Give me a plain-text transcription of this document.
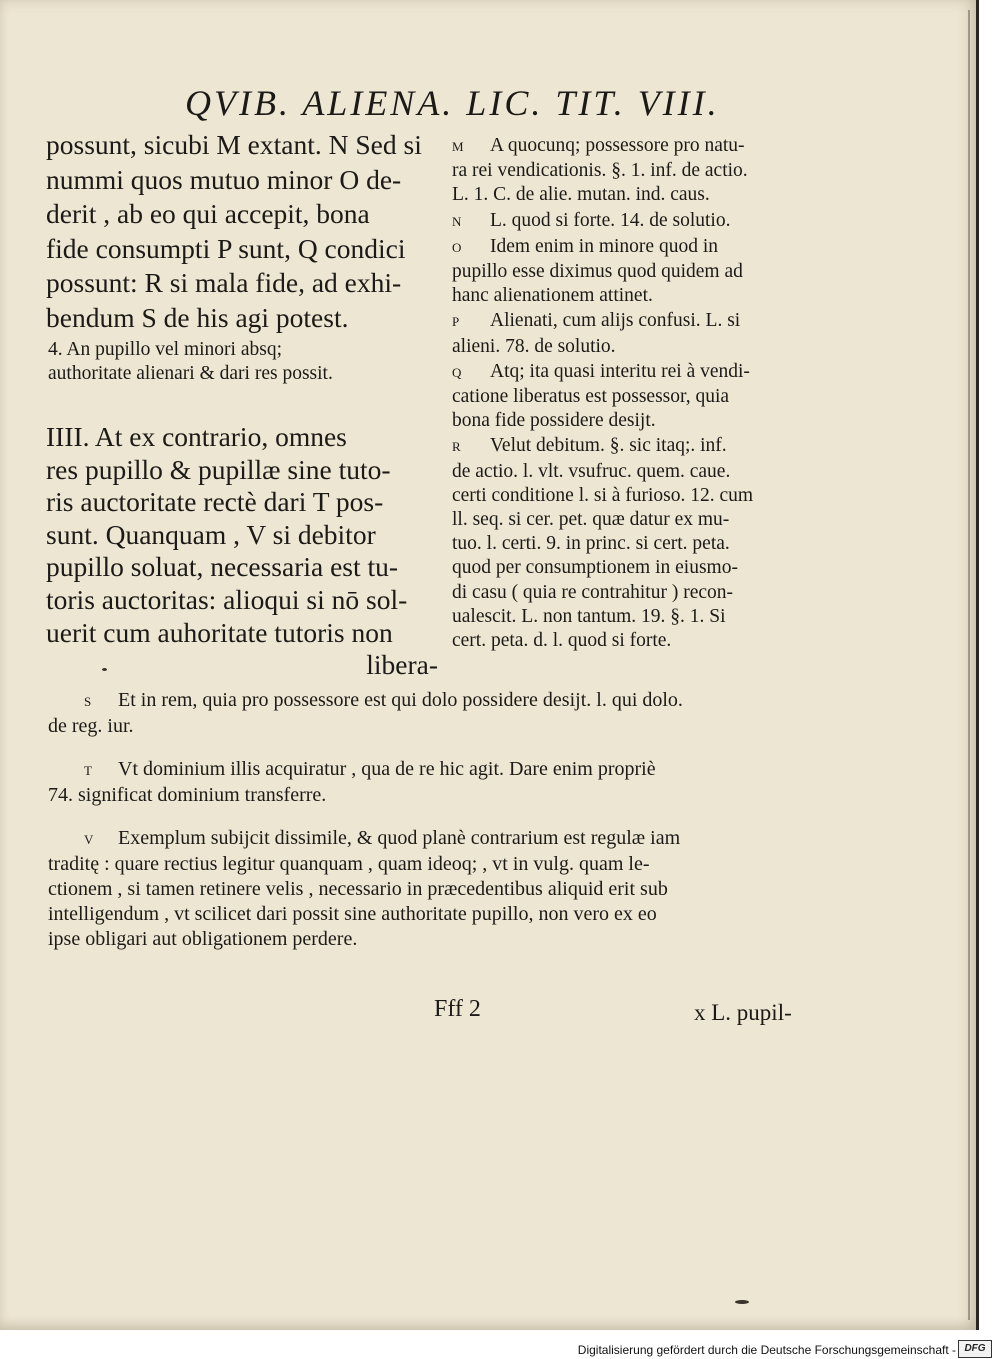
QVIB. ALIENA. LIC. TIT. VIII.
possunt, sicubi M extant. N Sed si
nummi quos mutuo minor O de-
derit , ab eo qui accepit, bona
fide consumpti P sunt, Q condici
possunt: R si mala fide, ad exhi-
bendum S de his agi potest.
4. An pupillo vel minori absq;
authoritate alienari & dari res possit.
IIII. At ex contrario, omnes
res pupillo & pupillæ sine tuto-
ris auctoritate rectè dari T pos-
sunt. Quanquam , V si debitor
pupillo soluat, necessaria est tu-
toris auctoritas: alioqui si nō sol-
uerit cum auhoritate tutoris non
libera-
M A quocunq; possessore pro natu-
ra rei vendicationis. §. 1. inf. de actio.
L. 1. C. de alie. mutan. ind. caus.
N L. quod si forte. 14. de solutio.
O Idem enim in minore quod in
pupillo esse diximus quod quidem ad
hanc alienationem attinet.
P Alienati, cum alijs confusi. L. si
alieni. 78. de solutio.
Q Atq; ita quasi interitu rei à vendi-
catione liberatus est possessor, quia
bona fide possidere desijt.
R Velut debitum. §. sic itaq;. inf.
de actio. l. vlt. vsufruc. quem. caue.
certi conditione l. si à furioso. 12. cum
ll. seq. si cer. pet. quæ datur ex mu-
tuo. l. certi. 9. in princ. si cert. peta.
quod per consumptionem in eiusmo-
di casu ( quia re contrahitur ) recon-
ualescit. L. non tantum. 19. §. 1. Si
cert. peta. d. l. quod si forte.
S Et in rem, quia pro possessore est qui dolo possidere desijt. l. qui dolo.
de reg. iur.
T Vt dominium illis acquiratur , qua de re hic agit. Dare enim propriè
74. significat dominium transferre.
V Exemplum subijcit dissimile, & quod planè contrarium est regulæ iam
traditę : quare rectius legitur quanquam , quam ideoq; , vt in vulg. quam le-
ctionem , si tamen retinere velis , necessario in præcedentibus aliquid erit sub
intelligendum , vt scilicet dari possit sine authoritate pupillo, non vero ex eo
ipse obligari aut obligationem perdere.
Fff 2	x L. pupil-
Digitalisierung gefördert durch die Deutsche Forschungsgemeinschaft - DFG
